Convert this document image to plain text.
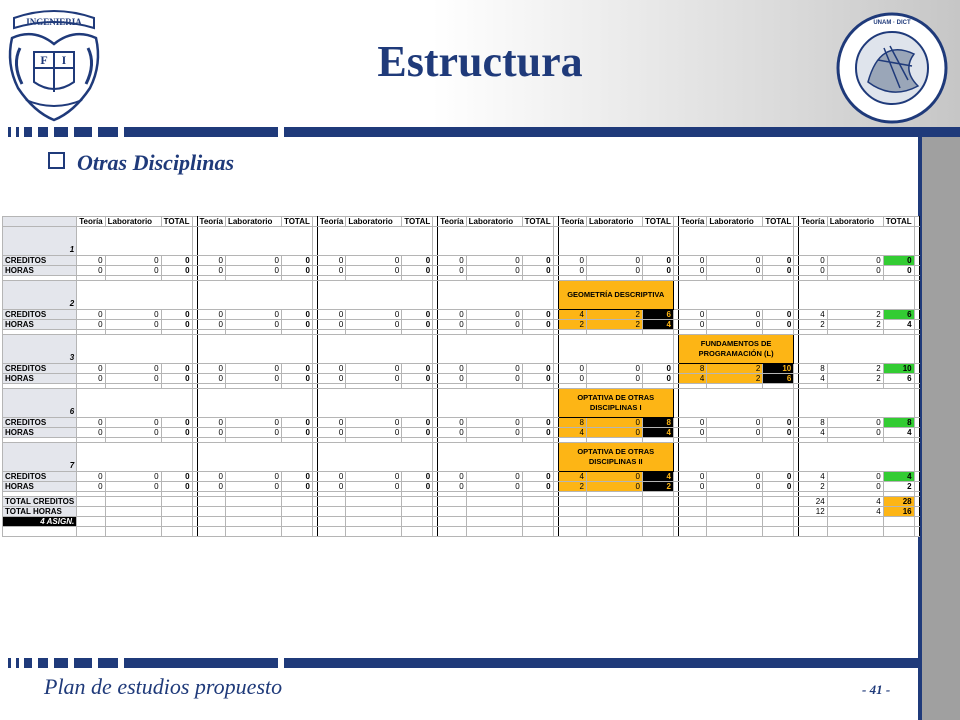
INGENIERIA
F I
UNAM · DICT
Estructura
Otras Disciplinas
	Teoría	Laboratorio	TOTAL		Teoría	Laboratorio	TOTAL		Teoría	Laboratorio	TOTAL		Teoría	Laboratorio	TOTAL		Teoría	Laboratorio	TOTAL		Teoría	Laboratorio	TOTAL		Teoría	Laboratorio	TOTAL	
1																												
CREDITOS	0	0	0		0	0	0		0	0	0		0	0	0		0	0	0		0	0	0		0	0	0	
HORAS	0	0	0		0	0	0		0	0	0		0	0	0		0	0	0		0	0	0		0	0	0	

2																	GEOMETRÍA DESCRIPTIVA											
CREDITOS	0	0	0		0	0	0		0	0	0		0	0	0		4	2	6		0	0	0		4	2	6	
HORAS	0	0	0		0	0	0		0	0	0		0	0	0		2	2	4		0	0	0		2	2	4	

3																					FUNDAMENTOS DE PROGRAMACIÓN (L)							
CREDITOS	0	0	0		0	0	0		0	0	0		0	0	0		0	0	0		8	2	10		8	2	10	
HORAS	0	0	0		0	0	0		0	0	0		0	0	0		0	0	0		4	2	6		4	2	6	

6																	OPTATIVA DE OTRAS DISCIPLINAS I											
CREDITOS	0	0	0		0	0	0		0	0	0		0	0	0		8	0	8		0	0	0		8	0	8	
HORAS	0	0	0		0	0	0		0	0	0		0	0	0		4	0	4		0	0	0		4	0	4	

7																	OPTATIVA DE OTRAS DISCIPLINAS II											
CREDITOS	0	0	0		0	0	0		0	0	0		0	0	0		4	0	4		0	0	0		4	0	4	
HORAS	0	0	0		0	0	0		0	0	0		0	0	0		2	0	2		0	0	0		2	0	2	

TOTAL CREDITOS																									24	4	28	
TOTAL HORAS																									12	4	16	
4 ASIGN.																												

Plan de estudios propuesto	- 41 -
